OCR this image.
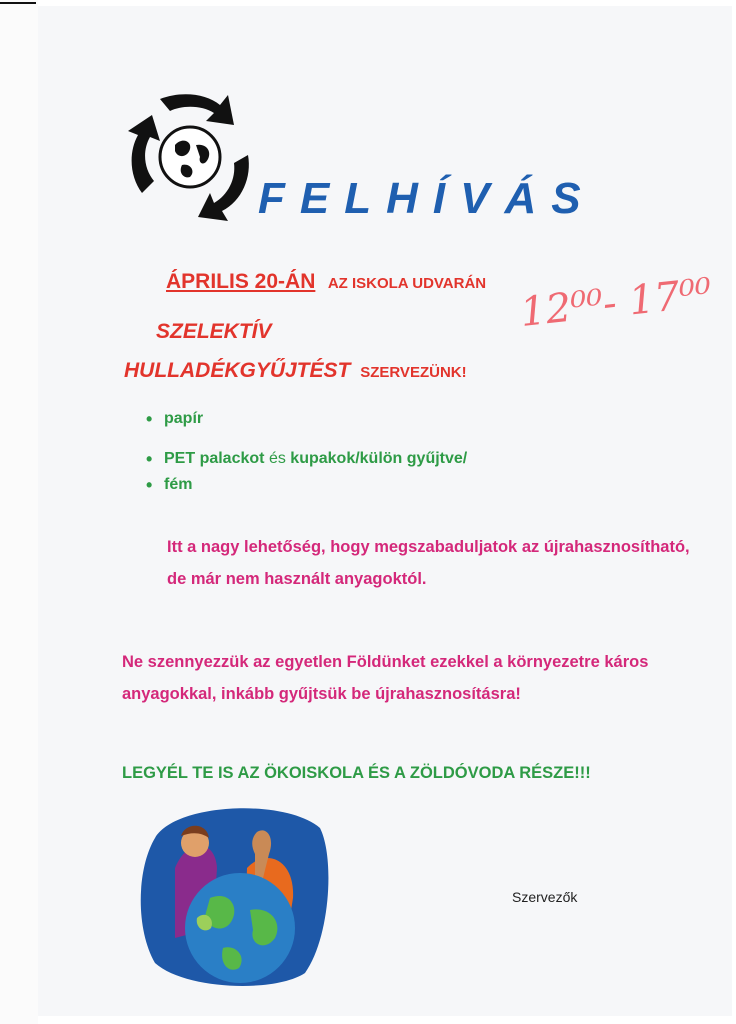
FELHÍVÁS
ÁPRILIS 20-ÁN AZ ISKOLA UDVARÁN 12⁰⁰- 17⁰⁰
SZELEKTÍV
HULLADÉKGYŰJTÉST SZERVEZÜNK!
• papír
• PET palackot és kupakok/külön gyűjtve/
• fém
Itt a nagy lehetőség, hogy megszabaduljatok az újrahasznosítható, de már nem használt anyagoktól.
Ne szennyezzük az egyetlen Földünket ezekkel a környezetre káros anyagokkal, inkább gyűjtsük be újrahasznosításra!
LEGYÉL TE IS AZ ÖKOISKOLA ÉS A ZÖLDÓVODA RÉSZE!!!
Szervezők
